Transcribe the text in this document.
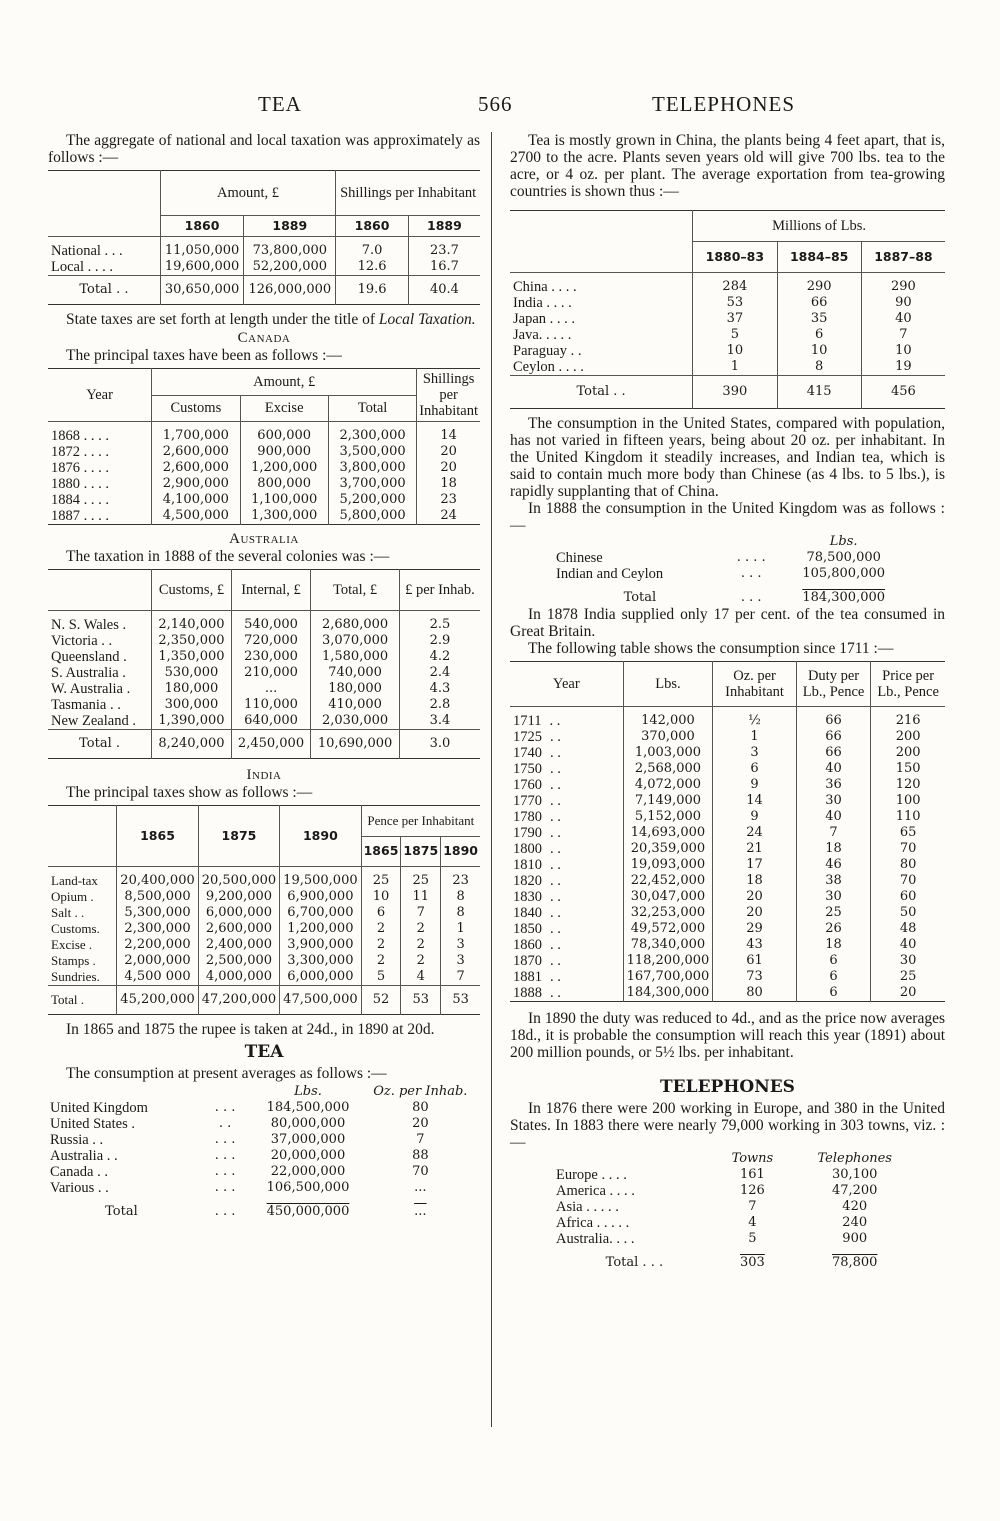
TEA	566	TELEPHONES

The aggregate of national and local taxation was approximately as follows :—

	Amount, £		Shillings per Inhabitant	
	1860	1889	1860	1889
National . . .	11,050,000	73,800,000	7.0	23.7
Local . . . .	19,600,000	52,200,000	12.6	16.7
Total . .	30,650,000	126,000,000	19.6	40.4

State taxes are set forth at length under the title of Local Taxation.

Canada

The principal taxes have been as follows :—

Year	Amount, £			Shillings per Inhabitant
	Customs	Excise	Total	
1868 . . . .	1,700,000	600,000	2,300,000	14
1872 . . . .	2,600,000	900,000	3,500,000	20
1876 . . . .	2,600,000	1,200,000	3,800,000	20
1880 . . . .	2,900,000	800,000	3,700,000	18
1884 . . . .	4,100,000	1,100,000	5,200,000	23
1887 . . . .	4,500,000	1,300,000	5,800,000	24
Australia

The taxation in 1888 of the several colonies was :—

	Customs, £	Internal, £	Total, £	£ per Inhab.
N. S. Wales .	2,140,000	540,000	2,680,000	2.5
Victoria . .	2,350,000	720,000	3,070,000	2.9
Queensland .	1,350,000	230,000	1,580,000	4.2
S. Australia .	530,000	210,000	740,000	2.4
W. Australia .	180,000	...	180,000	4.3
Tasmania . .	300,000	110,000	410,000	2.8
New Zealand .	1,390,000	640,000	2,030,000	3.4
Total .	8,240,000	2,450,000	10,690,000	3.0
India

The principal taxes show as follows :—

	1865	1875	1890	Pence per Inhabitant		
				1865	1875	1890
Land-tax	20,400,000	20,500,000	19,500,000	25	25	23
Opium .	8,500,000	9,200,000	6,900,000	10	11	8
Salt . .	5,300,000	6,000,000	6,700,000	6	7	8
Customs.	2,300,000	2,600,000	1,200,000	2	2	1
Excise .	2,200,000	2,400,000	3,900,000	2	2	3
Stamps .	2,000,000	2,500,000	3,300,000	2	2	3
Sundries.	4,500 000	4,000,000	6,000,000	5	4	7
Total .	45,200,000	47,200,000	47,500,000	52	53	53

In 1865 and 1875 the rupee is taken at 24d., in 1890 at 20d.

TEA

The consumption at present averages as follows :—

		Lbs.	Oz. per Inhab.
United Kingdom	. . .	184,500,000	80
United States .	. .	80,000,000	20
Russia . .	. . .	37,000,000	7
Australia . .	. . .	20,000,000	88
Canada . .	. . .	22,000,000	70
Various . .	. . .	106,500,000	...
Total	. . .	450,000,000	...

Tea is mostly grown in China, the plants being 4 feet apart, that is, 2700 to the acre. Plants seven years old will give 700 lbs. tea to the acre, or 4 oz. per plant. The average exportation from tea-growing countries is shown thus :—

	Millions of Lbs.		
	1880–83	1884–85	1887–88
China . . . .	284	290	290
India . . . .	53	66	90
Japan . . . .	37	35	40
Java. . . . .	5	6	7
Paraguay . .	10	10	10
Ceylon . . . .	1	8	19
Total . .	390	415	456

The consumption in the United States, compared with population, has not varied in fifteen years, being about 20 oz. per inhabitant. In the United Kingdom it steadily increases, and Indian tea, which is said to contain much more body than Chinese (as 4 lbs. to 5 lbs.), is rapidly supplanting that of China.

In 1888 the consumption in the United Kingdom was as follows :—

		Lbs.
Chinese	. . . .	78,500,000
Indian and Ceylon	. . .	105,800,000
Total	. . .	184,300,000

In 1878 India supplied only 17 per cent. of the tea consumed in Great Britain.

The following table shows the consumption since 1711 :—

Year	Lbs.	Oz. per Inhabitant	Duty per Lb., Pence	Price per Lb., Pence
1711 . .	142,000	½	66	216
1725 . .	370,000	1	66	200
1740 . .	1,003,000	3	66	200
1750 . .	2,568,000	6	40	150
1760 . .	4,072,000	9	36	120
1770 . .	7,149,000	14	30	100
1780 . .	5,152,000	9	40	110
1790 . .	14,693,000	24	7	65
1800 . .	20,359,000	21	18	70
1810 . .	19,093,000	17	46	80
1820 . .	22,452,000	18	38	70
1830 . .	30,047,000	20	30	60
1840 . .	32,253,000	20	25	50
1850 . .	49,572,000	29	26	48
1860 . .	78,340,000	43	18	40
1870 . .	118,200,000	61	6	30
1881 . .	167,700,000	73	6	25
1888 . .	184,300,000	80	6	20

In 1890 the duty was reduced to 4d., and as the price now averages 18d., it is probable the consumption will reach this year (1891) about 200 million pounds, or 5½ lbs. per inhabitant.

TELEPHONES

In 1876 there were 200 working in Europe, and 380 in the United States. In 1883 there were nearly 79,000 working in 303 towns, viz. :—

	Towns	Telephones
Europe . . . .	161	30,100
America . . . .	126	47,200
Asia . . . . .	7	420
Africa . . . . .	4	240
Australia. . . .	5	900
Total . . .	303	78,800
